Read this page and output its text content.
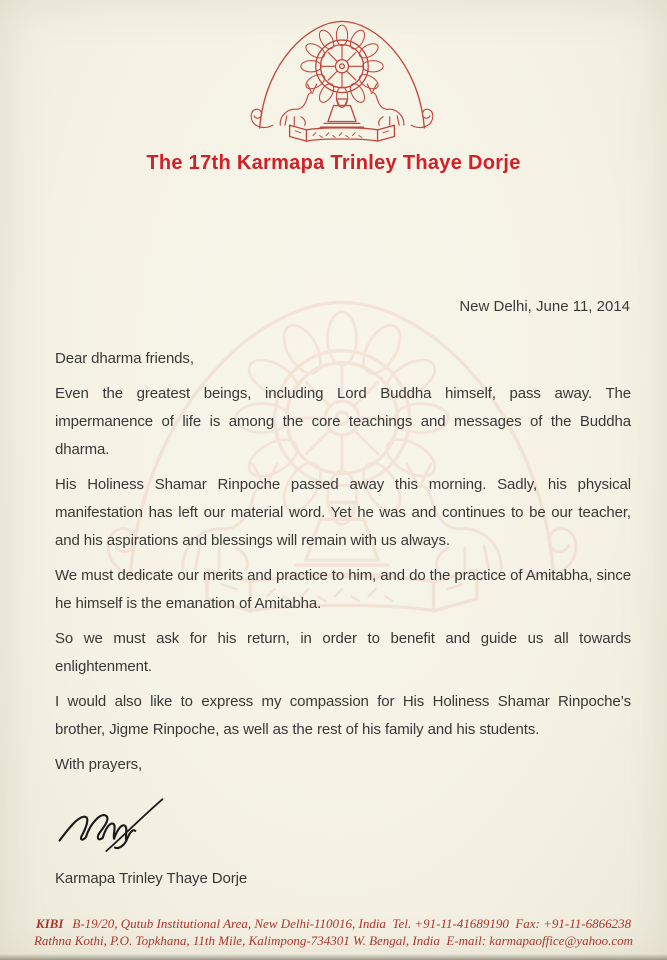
The 17th Karmapa Trinley Thaye Dorje
New Delhi, June 11, 2014

Dear dharma friends,

Even the greatest beings, including Lord Buddha himself, pass away. The impermanence of life is among the core teachings and messages of the Buddha dharma.

His Holiness Shamar Rinpoche passed away this morning. Sadly, his physical manifestation has left our material word. Yet he was and continues to be our teacher, and his aspirations and blessings will remain with us always.

We must dedicate our merits and practice to him, and do the practice of Amitabha, since he himself is the emanation of Amitabha.

So we must ask for his return, in order to benefit and guide us all towards enlightenment.

I would also like to express my compassion for His Holiness Shamar Rinpoche’s brother, Jigme Rinpoche, as well as the rest of his family and his students.

With prayers,

Karmapa Trinley Thaye Dorje
KIBI B-19/20, Qutub Institutional Area, New Delhi-110016, India Tel. +91-11-41689190 Fax: +91-11-6866238
Rathna Kothi, P.O. Topkhana, 11th Mile, Kalimpong-734301 W. Bengal, India E-mail: karmapaoffice@yahoo.com
